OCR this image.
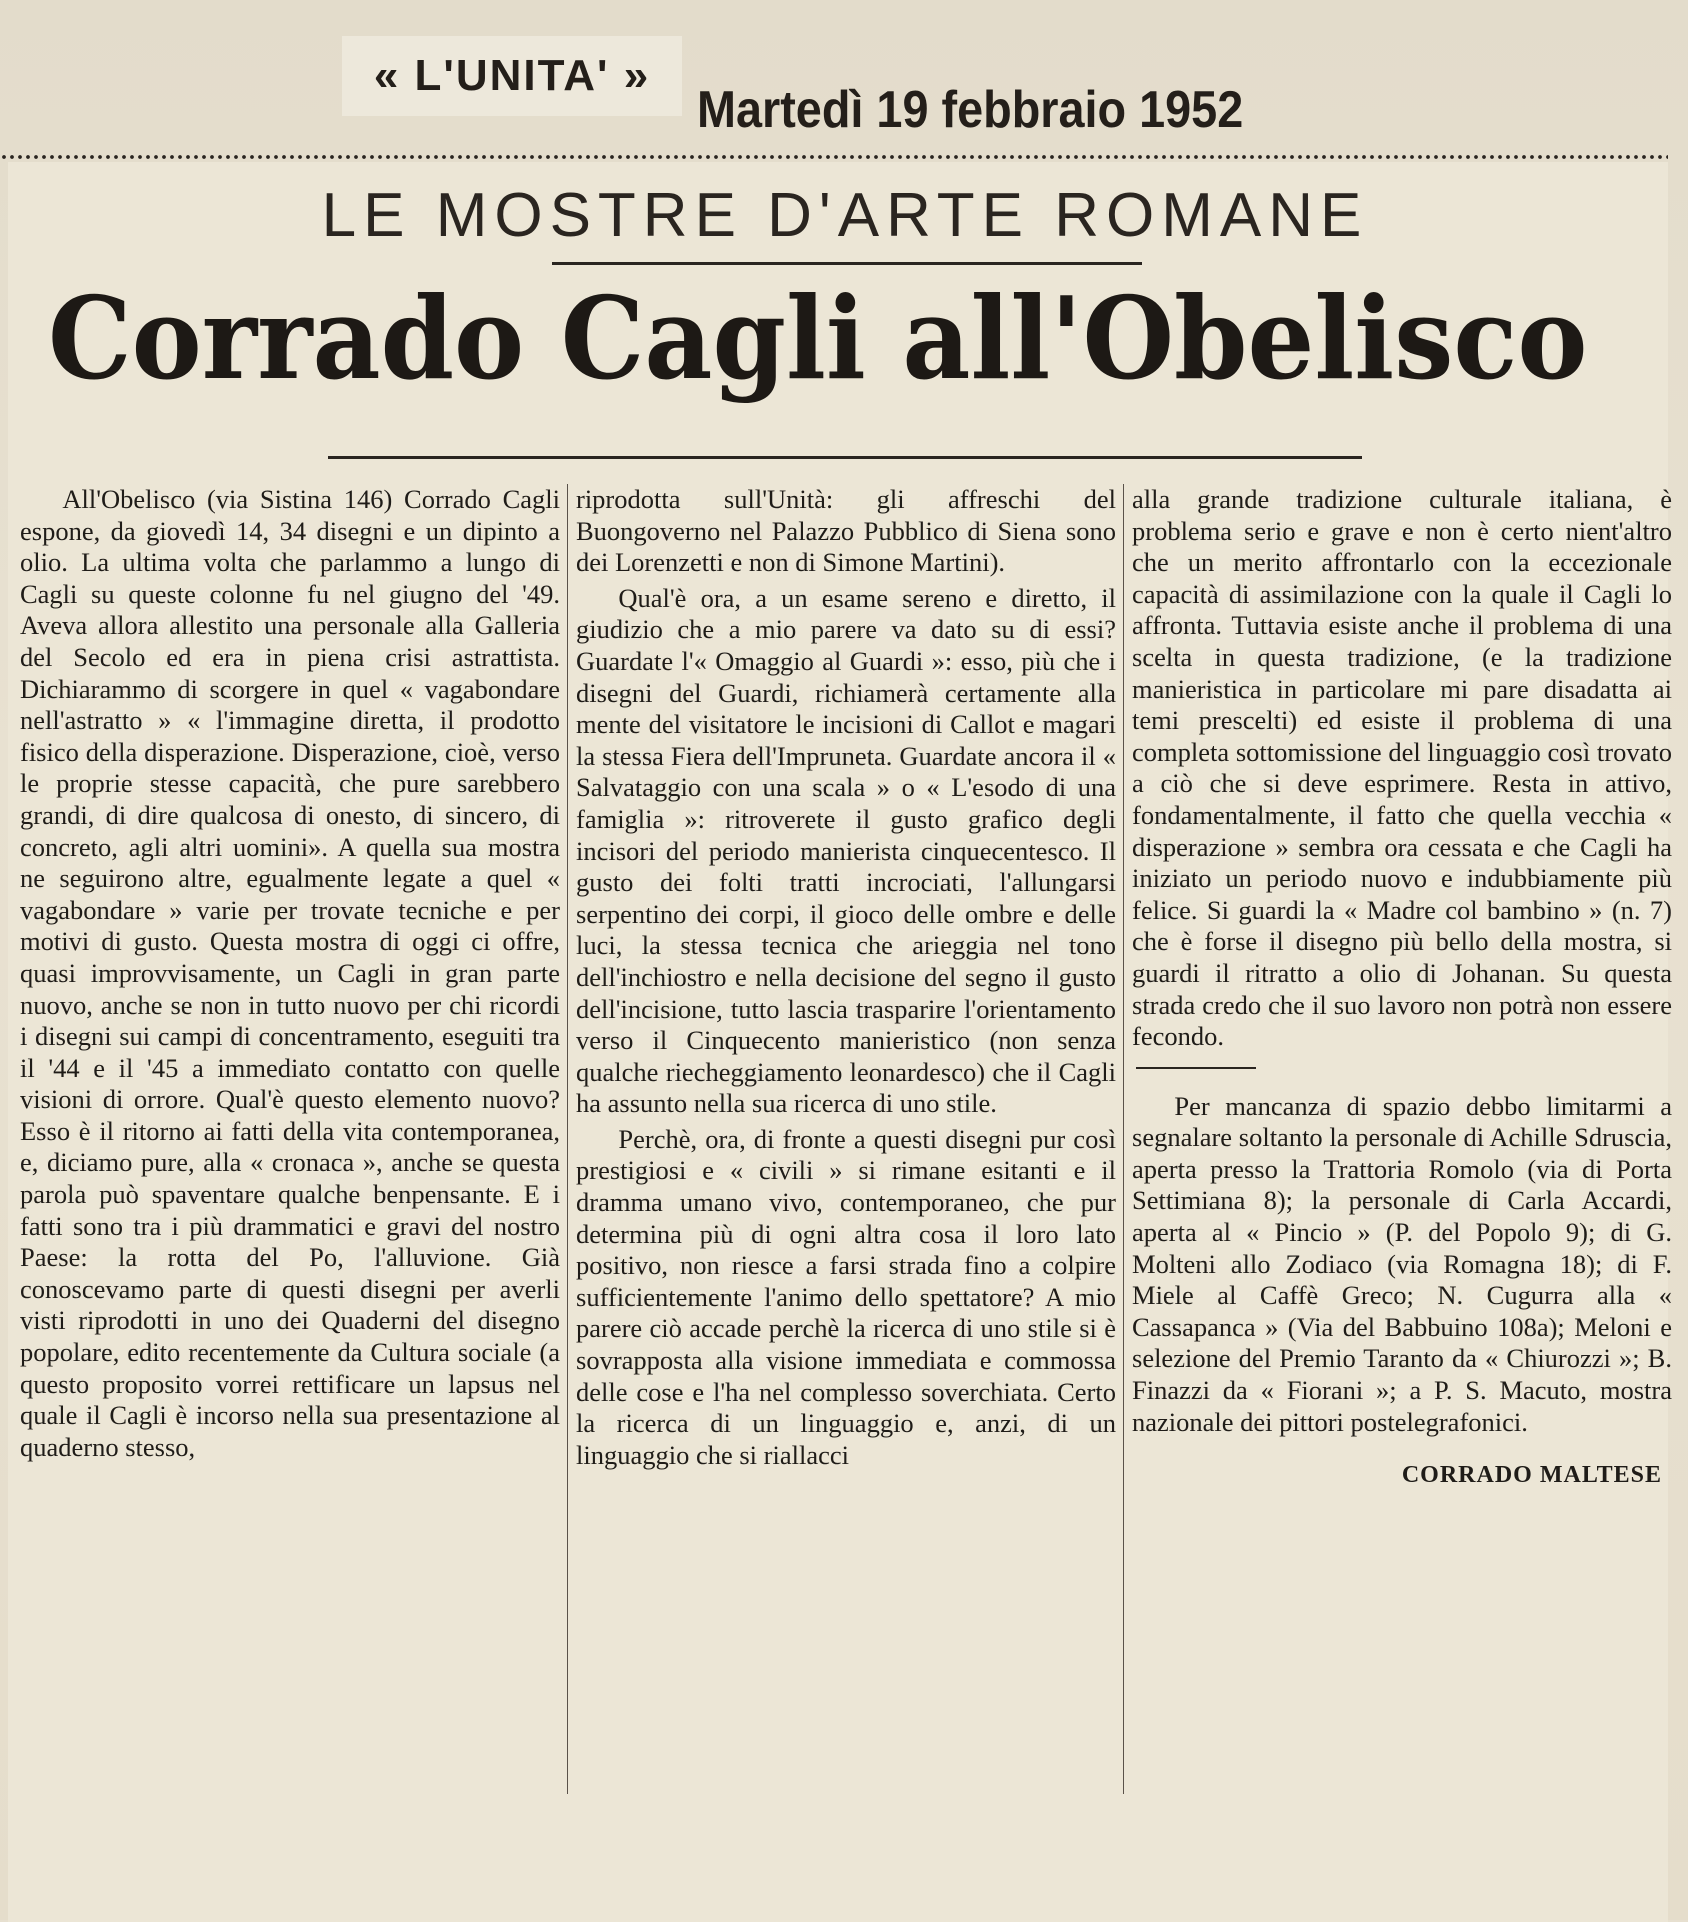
« L'UNITA' »
Martedì 19 febbraio 1952
LE MOSTRE D'ARTE ROMANE
Corrado Cagli all'Obelisco

All'Obelisco (via Sistina 146) Corrado Cagli espone, da giovedì 14, 34 disegni e un dipinto a olio. La ultima volta che parlammo a lungo di Cagli su queste colonne fu nel giugno del '49. Aveva allora allestito una personale alla Galleria del Secolo ed era in piena crisi astrattista. Dichiarammo di scorgere in quel « vagabondare nell'astratto » « l'immagine diretta, il prodotto fisico della disperazione. Disperazione, cioè, verso le proprie stesse capacità, che pure sarebbero grandi, di dire qualcosa di onesto, di sincero, di concreto, agli altri uomini». A quella sua mostra ne seguirono altre, egualmente legate a quel « vagabondare » varie per trovate tecniche e per motivi di gusto. Questa mostra di oggi ci offre, quasi improvvisamente, un Cagli in gran parte nuovo, anche se non in tutto nuovo per chi ricordi i disegni sui campi di concentramento, eseguiti tra il '44 e il '45 a immediato contatto con quelle visioni di orrore. Qual'è questo elemento nuovo? Esso è il ritorno ai fatti della vita contemporanea, e, diciamo pure, alla « cronaca », anche se questa parola può spaventare qualche benpensante. E i fatti sono tra i più drammatici e gravi del nostro Paese: la rotta del Po, l'alluvione. Già conoscevamo parte di questi disegni per averli visti riprodotti in uno dei Quaderni del disegno popolare, edito recentemente da Cultura sociale (a questo proposito vorrei rettificare un lapsus nel quale il Cagli è incorso nella sua presentazione al quaderno stesso,

riprodotta sull'Unità: gli affreschi del Buongoverno nel Palazzo Pubblico di Siena sono dei Lorenzetti e non di Simone Martini).

Qual'è ora, a un esame sereno e diretto, il giudizio che a mio parere va dato su di essi? Guardate l'« Omaggio al Guardi »: esso, più che i disegni del Guardi, richiamerà certamente alla mente del visitatore le incisioni di Callot e magari la stessa Fiera dell'Impruneta. Guardate ancora il « Salvataggio con una scala » o « L'esodo di una famiglia »: ritroverete il gusto grafico degli incisori del periodo manierista cinquecentesco. Il gusto dei folti tratti incrociati, l'allungarsi serpentino dei corpi, il gioco delle ombre e delle luci, la stessa tecnica che arieggia nel tono dell'inchiostro e nella decisione del segno il gusto dell'incisione, tutto lascia trasparire l'orientamento verso il Cinquecento manieristico (non senza qualche riecheggiamento leonardesco) che il Cagli ha assunto nella sua ricerca di uno stile.

Perchè, ora, di fronte a questi disegni pur così prestigiosi e « civili » si rimane esitanti e il dramma umano vivo, contemporaneo, che pur determina più di ogni altra cosa il loro lato positivo, non riesce a farsi strada fino a colpire sufficientemente l'animo dello spettatore? A mio parere ciò accade perchè la ricerca di uno stile si è sovrapposta alla visione immediata e commossa delle cose e l'ha nel complesso soverchiata. Certo la ricerca di un linguaggio e, anzi, di un linguaggio che si riallacci

alla grande tradizione culturale italiana, è problema serio e grave e non è certo nient'altro che un merito affrontarlo con la eccezionale capacità di assimilazione con la quale il Cagli lo affronta. Tuttavia esiste anche il problema di una scelta in questa tradizione, (e la tradizione manieristica in particolare mi pare disadatta ai temi prescelti) ed esiste il problema di una completa sottomissione del linguaggio così trovato a ciò che si deve esprimere. Resta in attivo, fondamentalmente, il fatto che quella vecchia « disperazione » sembra ora cessata e che Cagli ha iniziato un periodo nuovo e indubbiamente più felice. Si guardi la « Madre col bambino » (n. 7) che è forse il disegno più bello della mostra, si guardi il ritratto a olio di Johanan. Su questa strada credo che il suo lavoro non potrà non essere fecondo.

Per mancanza di spazio debbo limitarmi a segnalare soltanto la personale di Achille Sdruscia, aperta presso la Trattoria Romolo (via di Porta Settimiana 8); la personale di Carla Accardi, aperta al « Pincio » (P. del Popolo 9); di G. Molteni allo Zodiaco (via Romagna 18); di F. Miele al Caffè Greco; N. Cugurra alla « Cassapanca » (Via del Babbuino 108a); Meloni e selezione del Premio Taranto da « Chiurozzi »; B. Finazzi da « Fiorani »; a P. S. Macuto, mostra nazionale dei pittori postelegrafonici.

CORRADO MALTESE
